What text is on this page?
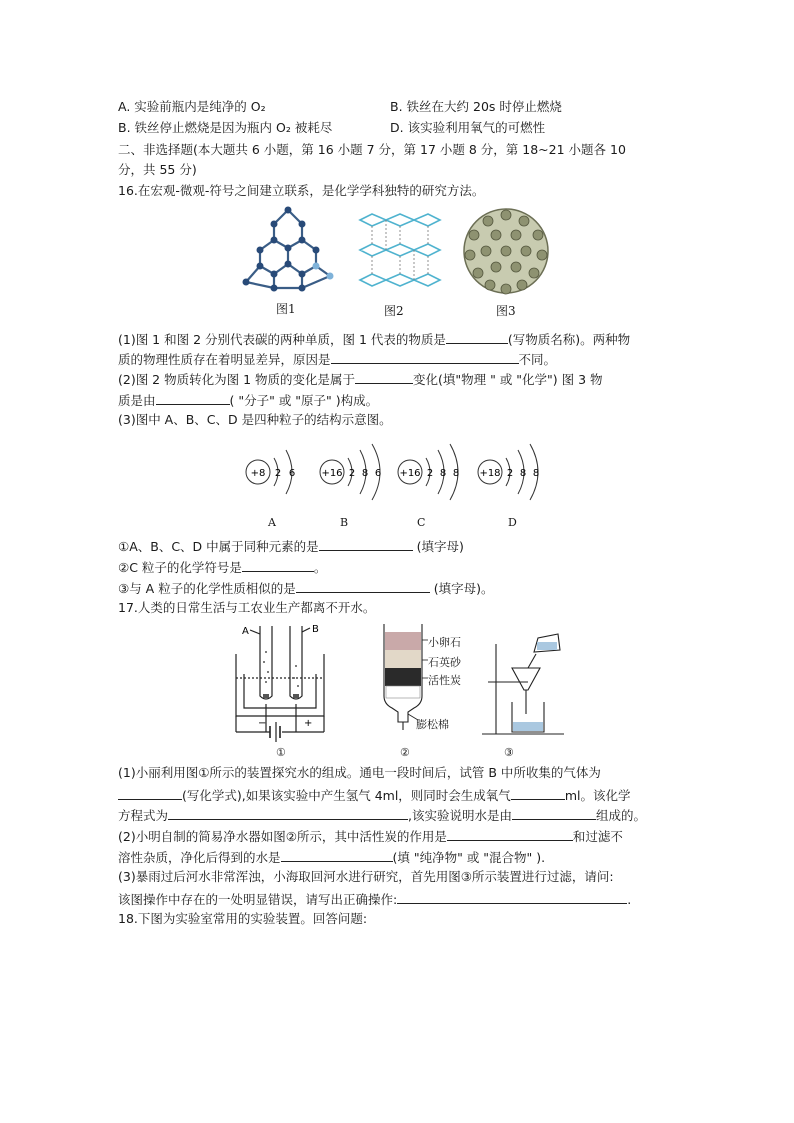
A. 实验前瓶内是纯净的 O₂	B. 铁丝在大约 20s 时停止燃烧
B. 铁丝停止燃烧是因为瓶内 O₂ 被耗尽	D. 该实验利用氧气的可燃性
二、非选择题(本大题共 6 小题，第 16 小题 7 分，第 17 小题 8 分，第 18~21 小题各 10
分，共 55 分)
16.在宏观-微观-符号之间建立联系，是化学学科独特的研究方法。
图1	图2	图3
(1)图 1 和图 2 分别代表碳的两种单质，图 1 代表的物质是	(写物质名称)。两种物
质的物理性质存在着明显差异，原因是	不同。
(2)图 2 物质转化为图 1 物质的变化是属于	变化(填"物理 " 或 "化学") 图 3 物
质是由	( "分子" 或 "原子" )构成。
(3)图中 A、B、C、D 是四种粒子的结构示意图。
+8 2 6	+16 2 8 6 +16 2 8 8 +18 2 8 8
A	B	C	D
①A、B、C、D 中属于同种元素的是	(填字母)
②C 粒子的化学符号是	。
③与 A 粒子的化学性质相似的是	(填字母)。
17.人类的日常生活与工农业生产都离不开水。
A	B
−	+
①
小卵石
石英砂
活性炭
膨松棉
②	③
(1)小丽利用图①所示的装置探究水的组成。通电一段时间后，试管 B 中所收集的气体为
(写化学式),如果该实验中产生氢气 4ml，则同时会生成氧气	ml。该化学
方程式为	,该实验说明水是由	组成的。
(2)小明自制的简易净水器如图②所示，其中活性炭的作用是	和过滤不
溶性杂质，净化后得到的水是	(填 "纯净物" 或 "混合物" ).
(3)暴雨过后河水非常浑浊，小海取回河水进行研究，首先用图③所示装置进行过滤，请问:
该图操作中存在的一处明显错误，请写出正确操作:	.
18.下图为实验室常用的实验装置。回答问题:
